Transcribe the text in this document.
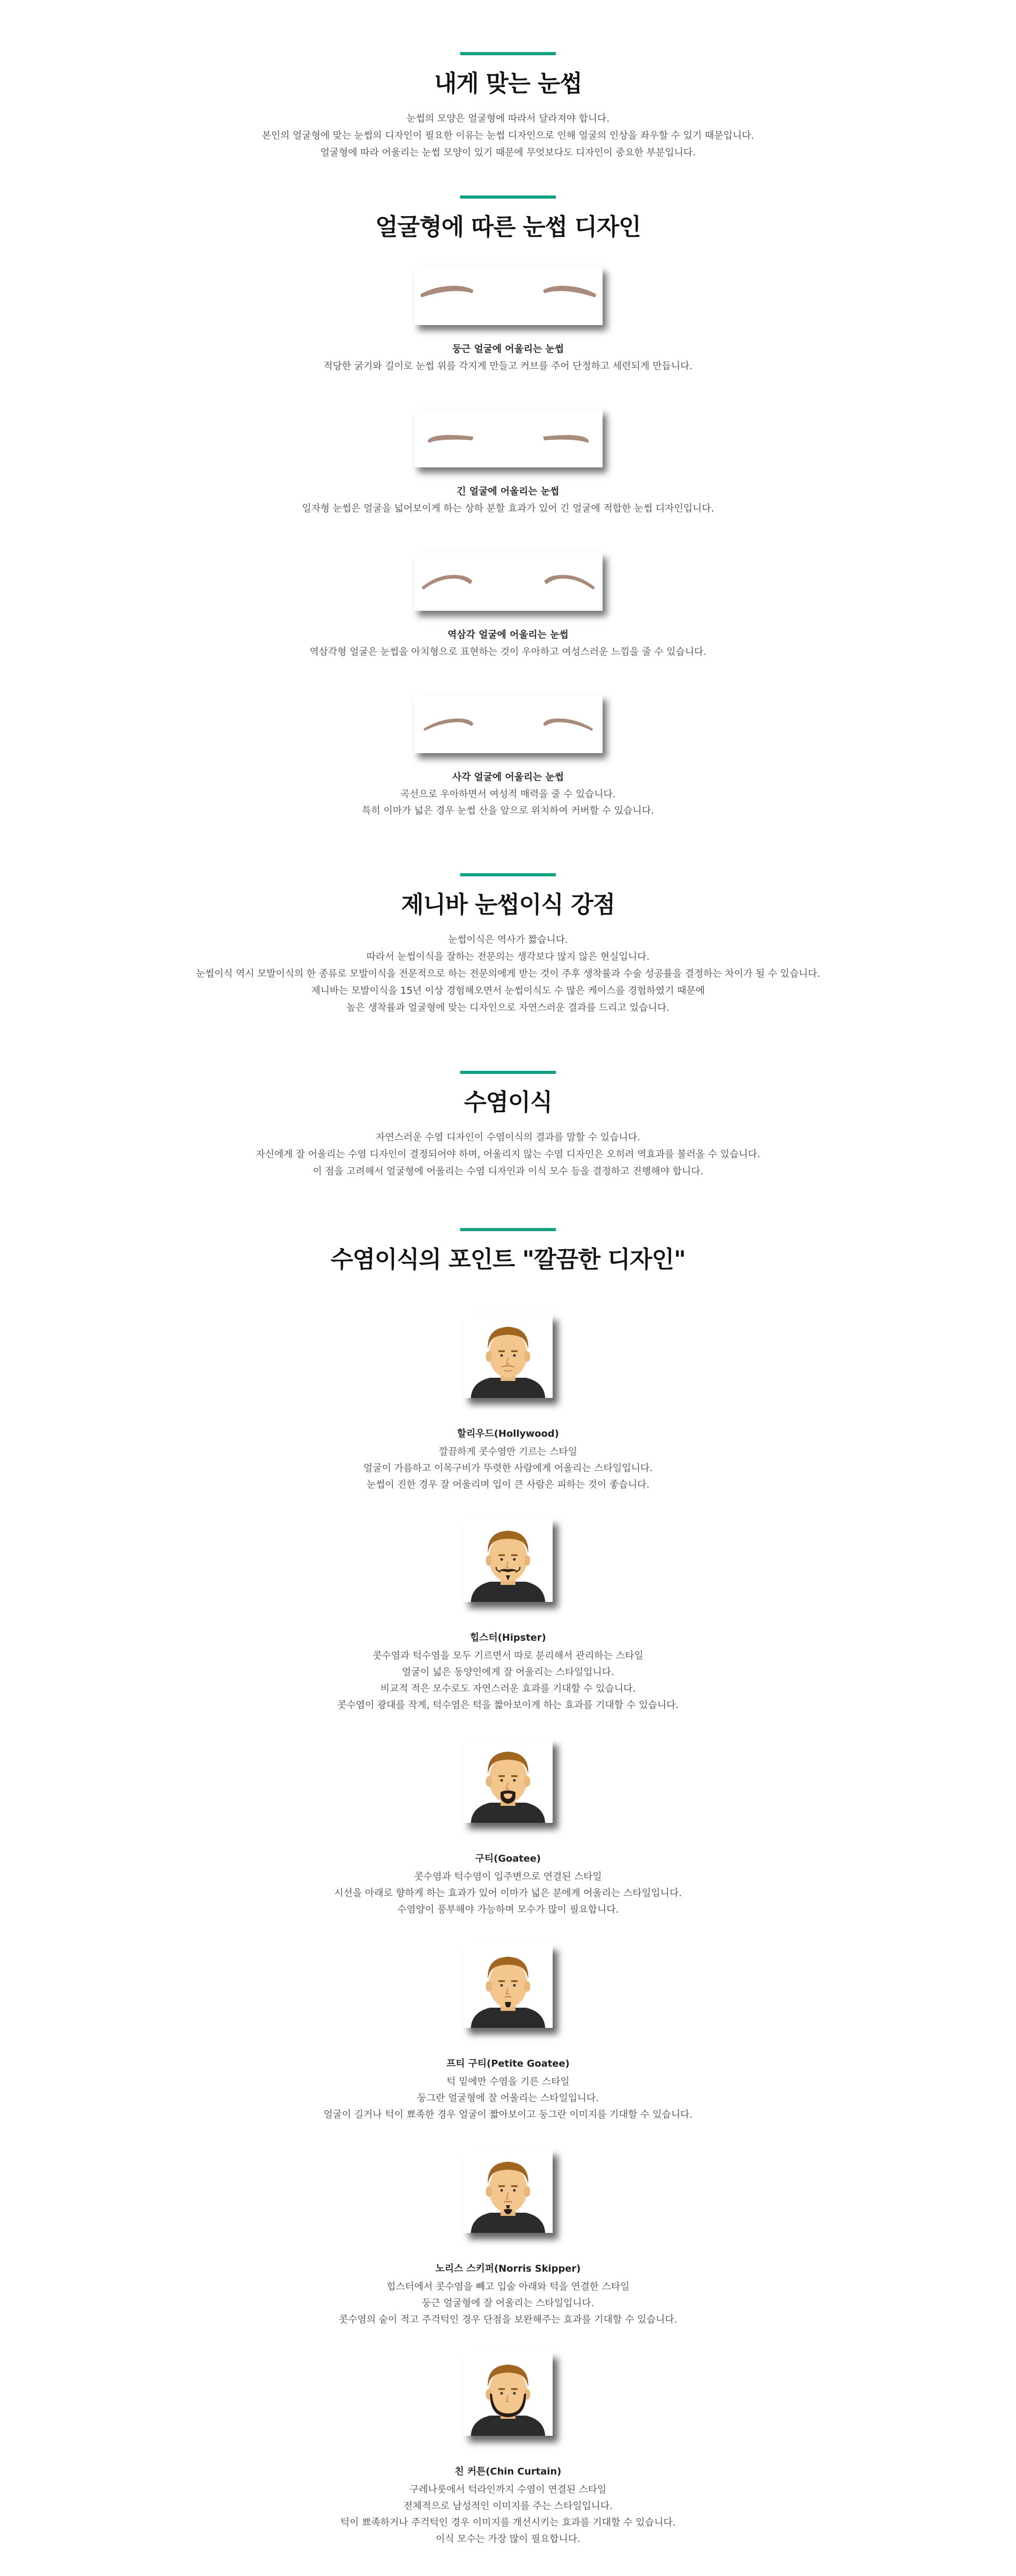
내게 맞는 눈썹

눈썹의 모양은 얼굴형에 따라서 달라져야 합니다.

본인의 얼굴형에 맞는 눈썹의 디자인이 필요한 이유는 눈썹 디자인으로 인해 얼굴의 인상을 좌우할 수 있기 때문입니다.

얼굴형에 따라 어울리는 눈썹 모양이 있기 때문에 무엇보다도 디자인이 중요한 부분입니다.

얼굴형에 따른 눈썹 디자인
둥근 얼굴에 어울리는 눈썹

적당한 굵기와 길이로 눈썹 위를 각지게 만들고 커브를 주어 단정하고 세련되게 만듭니다.

긴 얼굴에 어울리는 눈썹

일자형 눈썹은 얼굴을 넓어보이게 하는 상하 분할 효과가 있어 긴 얼굴에 적합한 눈썹 디자인입니다.

역삼각 얼굴에 어울리는 눈썹

역삼각형 얼굴은 눈썹을 아치형으로 표현하는 것이 우아하고 여성스러운 느낌을 줄 수 있습니다.

사각 얼굴에 어울리는 눈썹

곡선으로 우아하면서 여성적 매력을 줄 수 있습니다.

특히 이마가 넓은 경우 눈썹 산을 앞으로 위치하여 커버할 수 있습니다.

제니바 눈썹이식 강점

눈썹이식은 역사가 짧습니다.

따라서 눈썹이식을 잘하는 전문의는 생각보다 많지 않은 현실입니다.

눈썹이식 역시 모발이식의 한 종류로 모발이식을 전문적으로 하는 전문의에게 받는 것이 주후 생착률과 수술 성공률을 결정하는 차이가 될 수 있습니다.

제니바는 모발이식을 15년 이상 경험해오면서 눈썹이식도 수 많은 케이스를 경험하였기 때문에

높은 생착률과 얼굴형에 맞는 디자인으로 자연스러운 결과를 드리고 있습니다.

수염이식

자연스러운 수염 디자인이 수염이식의 결과를 말할 수 있습니다.

자신에게 잘 어울리는 수염 디자인이 결정되어야 하며, 어울리지 않는 수염 디자인은 오히려 역효과를 불러올 수 있습니다.

이 점을 고려해서 얼굴형에 어울리는 수염 디자인과 이식 모수 등을 결정하고 진행해야 합니다.

수염이식의 포인트 "깔끔한 디자인"
할리우드(Hollywood)

깔끔하게 콧수염만 기르는 스타일

얼굴이 가름하고 이목구비가 뚜렷한 사람에게 어울리는 스타일입니다.

눈썹이 진한 경우 잘 어울리며 입이 큰 사람은 피하는 것이 좋습니다.

힙스터(Hipster)

콧수염과 턱수염을 모두 기르면서 따로 분리해서 관리하는 스타일

얼굴이 넓은 동양인에게 잘 어울리는 스타일입니다.

비교적 적은 모수로도 자연스러운 효과를 기대할 수 있습니다.

콧수염이 광대를 작게, 턱수염은 턱을 짧아보이게 하는 효과를 기대할 수 있습니다.

구티(Goatee)

콧수염과 턱수염이 입주변으로 연결된 스타일

시선을 아래로 향하게 하는 효과가 있어 이마가 넓은 분에게 어울리는 스타일입니다.

수염양이 풍부해야 가능하며 모수가 많이 필요합니다.

프티 구티(Petite Goatee)

턱 밑에만 수염을 기른 스타일

둥그란 얼굴형에 잘 어울리는 스타일입니다.

얼굴이 길거나 턱이 뾰족한 경우 얼굴이 짧아보이고 둥그란 이미지를 기대할 수 있습니다.

노리스 스키퍼(Norris Skipper)

힙스터에서 콧수염을 빼고 입술 아래와 턱을 연결한 스타일

둥근 얼굴형에 잘 어울리는 스타일입니다.

콧수염의 숱이 적고 주걱턱인 경우 단점을 보완해주는 효과를 기대할 수 있습니다.

친 커튼(Chin Curtain)

구레나룻에서 턱라인까지 수염이 연결된 스타일

전체적으로 남성적인 이미지를 주는 스타일입니다.

턱이 뾰족하거나 주걱턱인 경우 이미지를 개선시키는 효과를 기대할 수 있습니다.

이식 모수는 가장 많이 필요합니다.
